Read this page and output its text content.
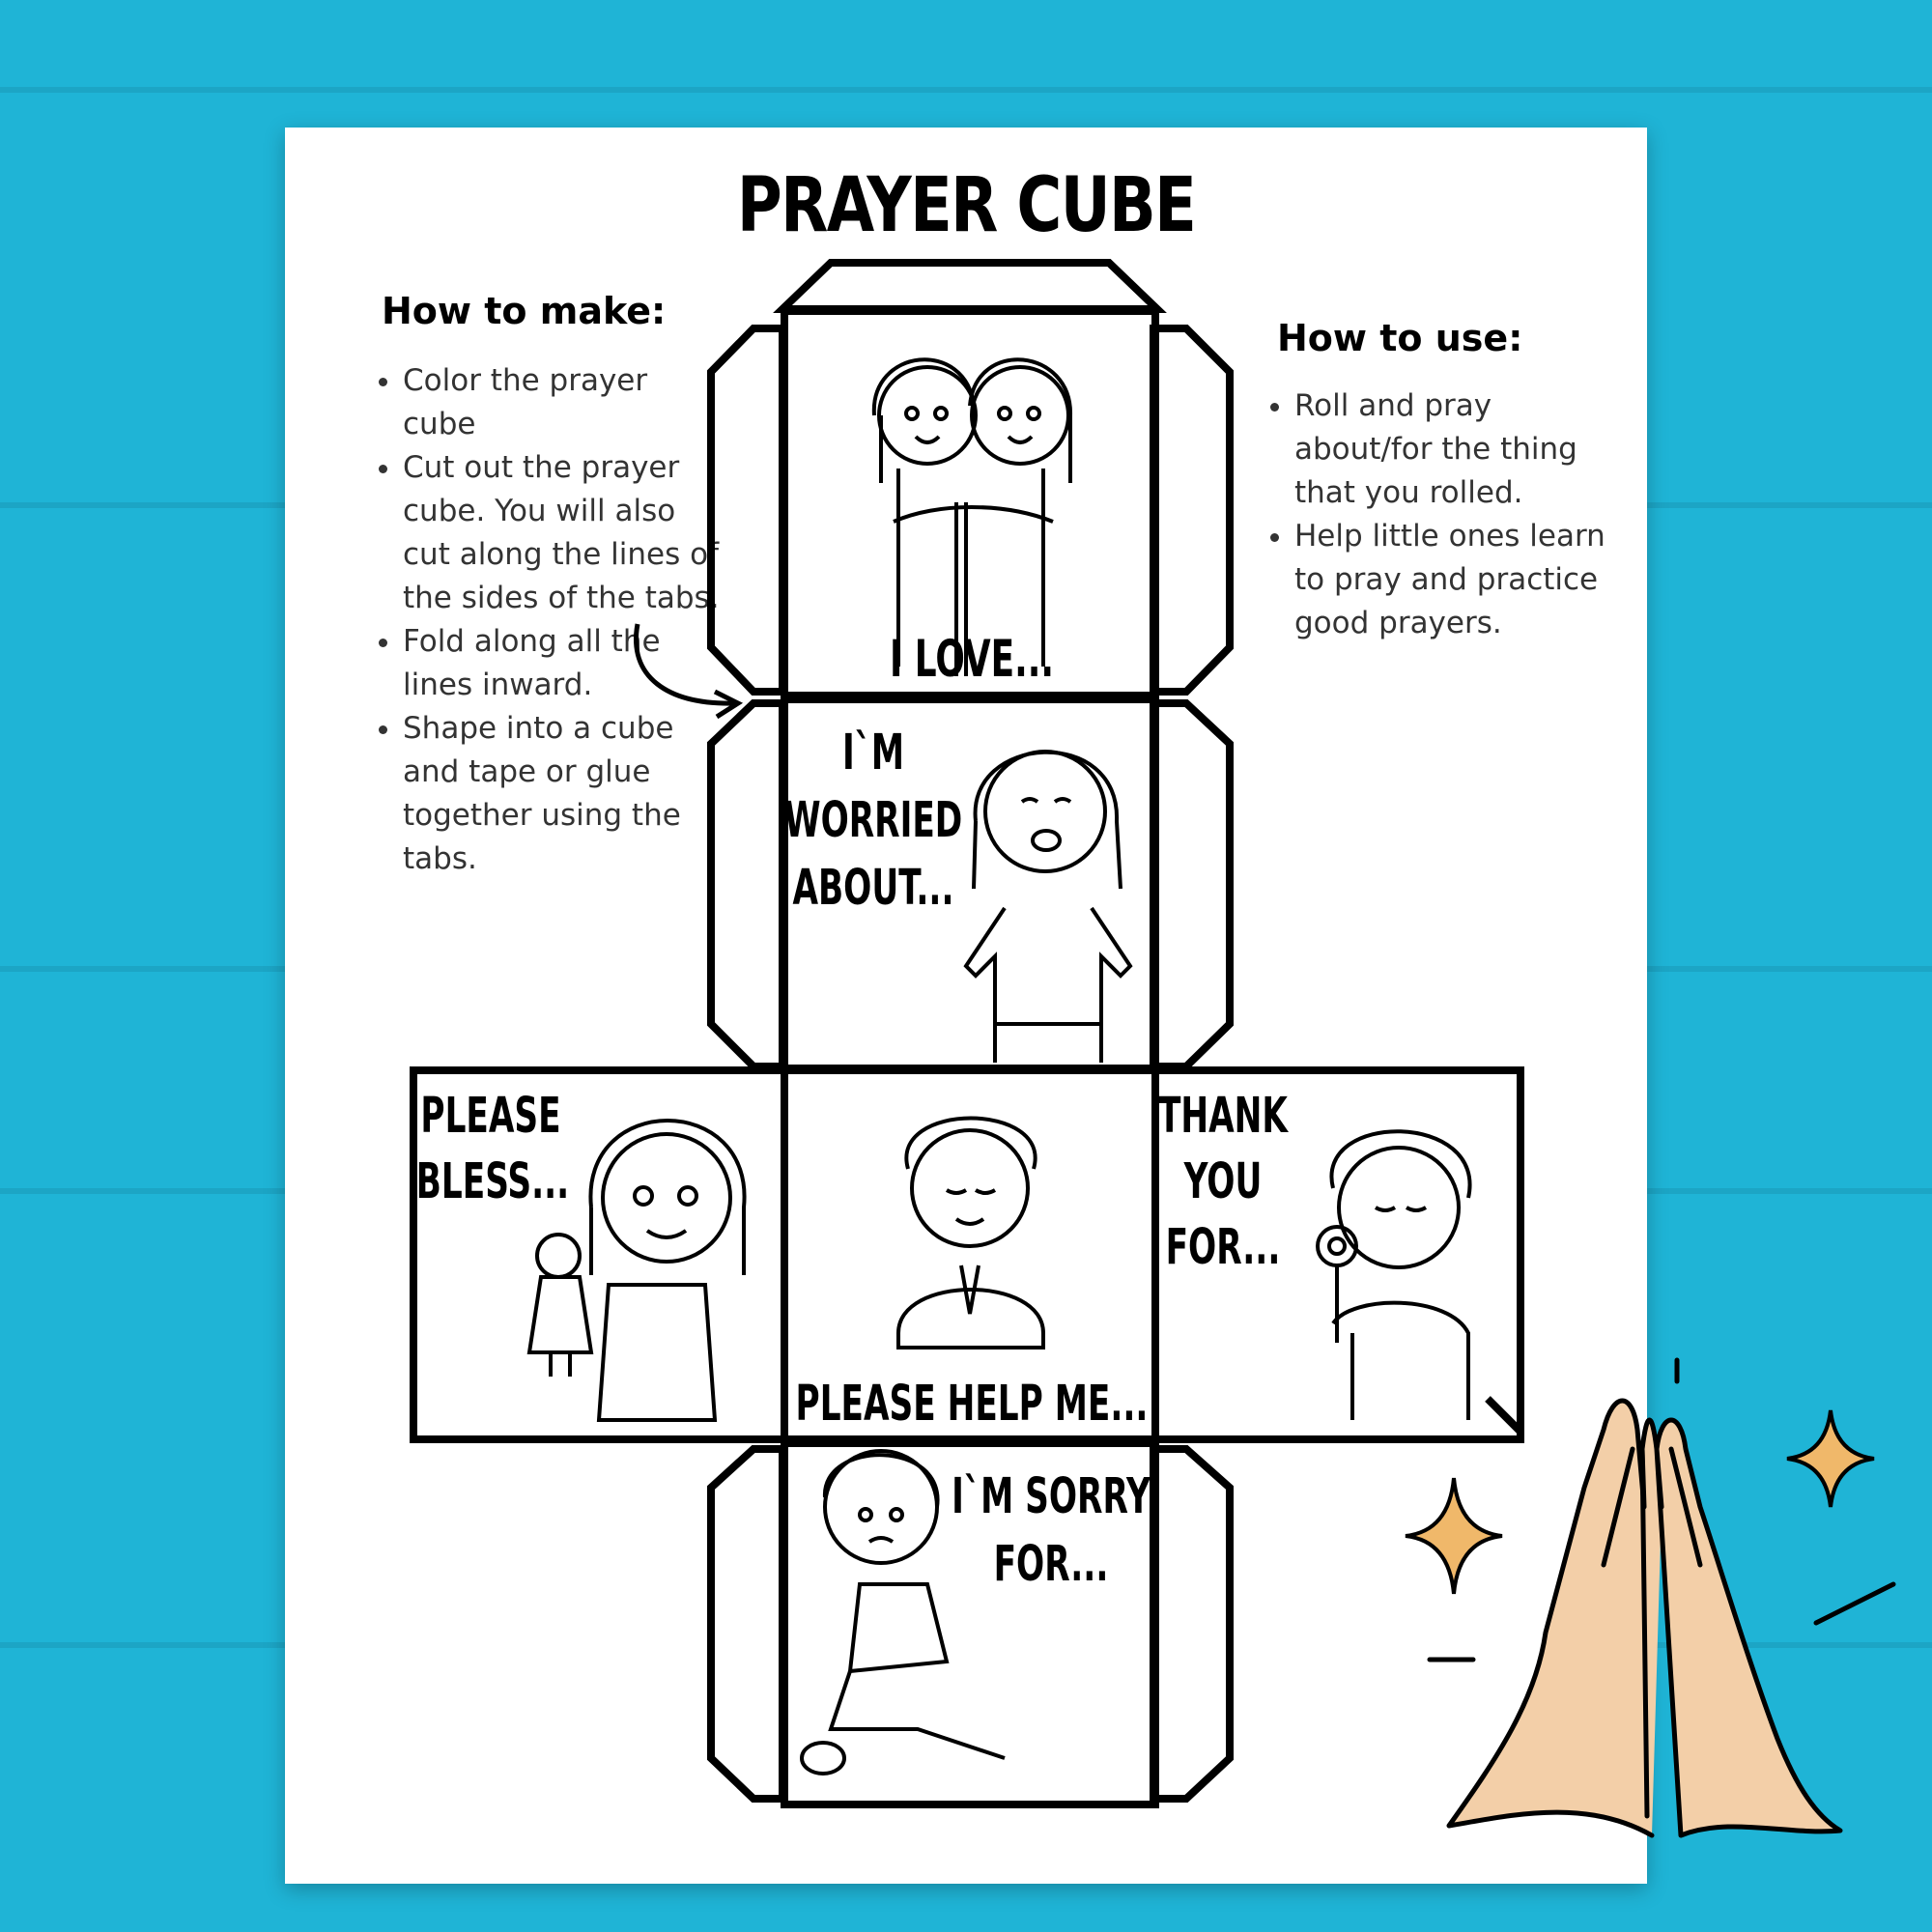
PRAYER CUBE
How to make:
• Color the prayer cube
• Cut out the prayer cube. You will also cut along the lines of the sides of the tabs.
• Fold along all the lines inward.
• Shape into a cube and tape or glue together using the tabs.
How to use:
• Roll and pray about/for the thing that you rolled.
• Help little ones learn to pray and practice good prayers.
I LOVE...
I`M
WORRIED
ABOUT...
PLEASE
BLESS...
PLEASE HELP ME...
THANK
YOU
FOR...
I`M SORRY
FOR...
